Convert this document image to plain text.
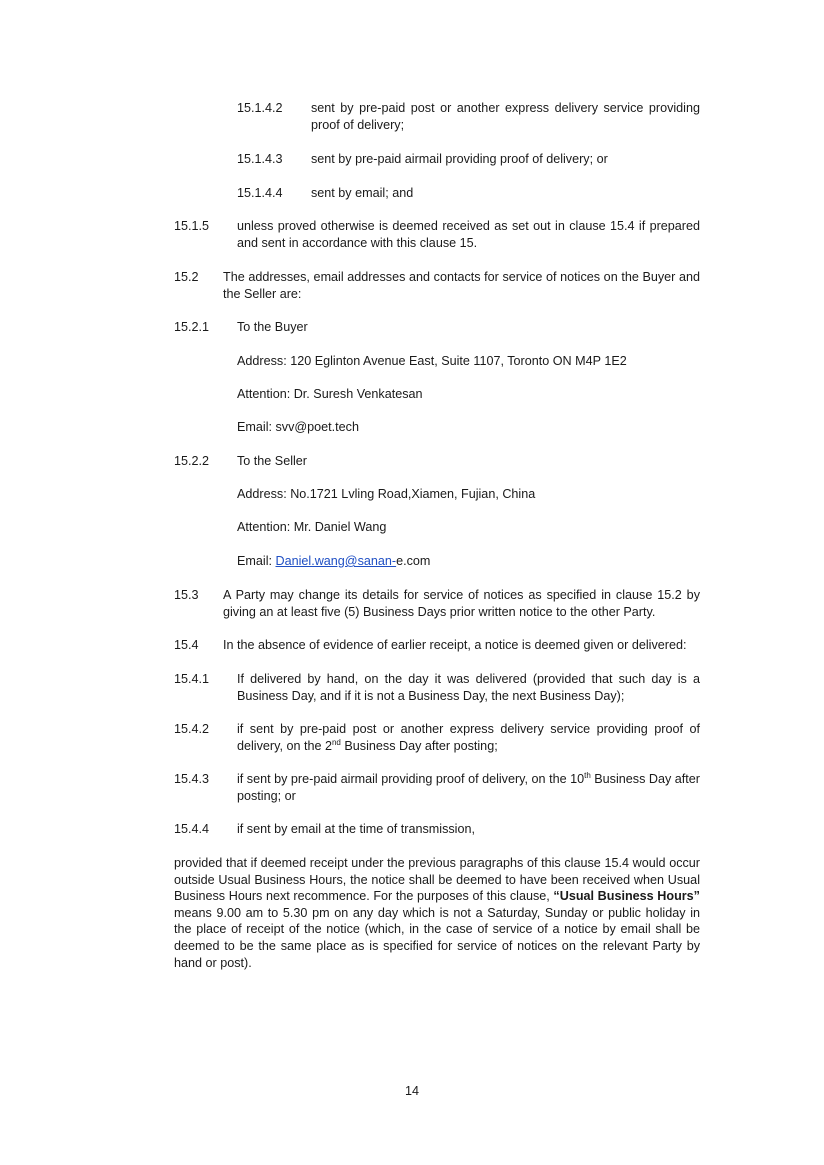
15.1.4.2 sent by pre-paid post or another express delivery service providing proof of delivery;
15.1.4.3 sent by pre-paid airmail providing proof of delivery; or
15.1.4.4 sent by email; and
15.1.5 unless proved otherwise is deemed received as set out in clause 15.4 if prepared and sent in accordance with this clause 15.
15.2 The addresses, email addresses and contacts for service of notices on the Buyer and the Seller are:
15.2.1 To the Buyer
Address: 120 Eglinton Avenue East, Suite 1107, Toronto ON M4P 1E2
Attention: Dr. Suresh Venkatesan
Email: svv@poet.tech
15.2.2 To the Seller
Address: No.1721 Lvling Road,Xiamen, Fujian, China
Attention: Mr. Daniel Wang
Email: Daniel.wang@sanan-e.com
15.3 A Party may change its details for service of notices as specified in clause 15.2 by giving an at least five (5) Business Days prior written notice to the other Party.
15.4 In the absence of evidence of earlier receipt, a notice is deemed given or delivered:
15.4.1 If delivered by hand, on the day it was delivered (provided that such day is a Business Day, and if it is not a Business Day, the next Business Day);
15.4.2 if sent by pre-paid post or another express delivery service providing proof of delivery, on the 2nd Business Day after posting;
15.4.3 if sent by pre-paid airmail providing proof of delivery, on the 10th Business Day after posting; or
15.4.4 if sent by email at the time of transmission,
provided that if deemed receipt under the previous paragraphs of this clause 15.4 would occur outside Usual Business Hours, the notice shall be deemed to have been received when Usual Business Hours next recommence. For the purposes of this clause, “Usual Business Hours” means 9.00 am to 5.30 pm on any day which is not a Saturday, Sunday or public holiday in the place of receipt of the notice (which, in the case of service of a notice by email shall be deemed to be the same place as is specified for service of notices on the relevant Party by hand or post).
14
